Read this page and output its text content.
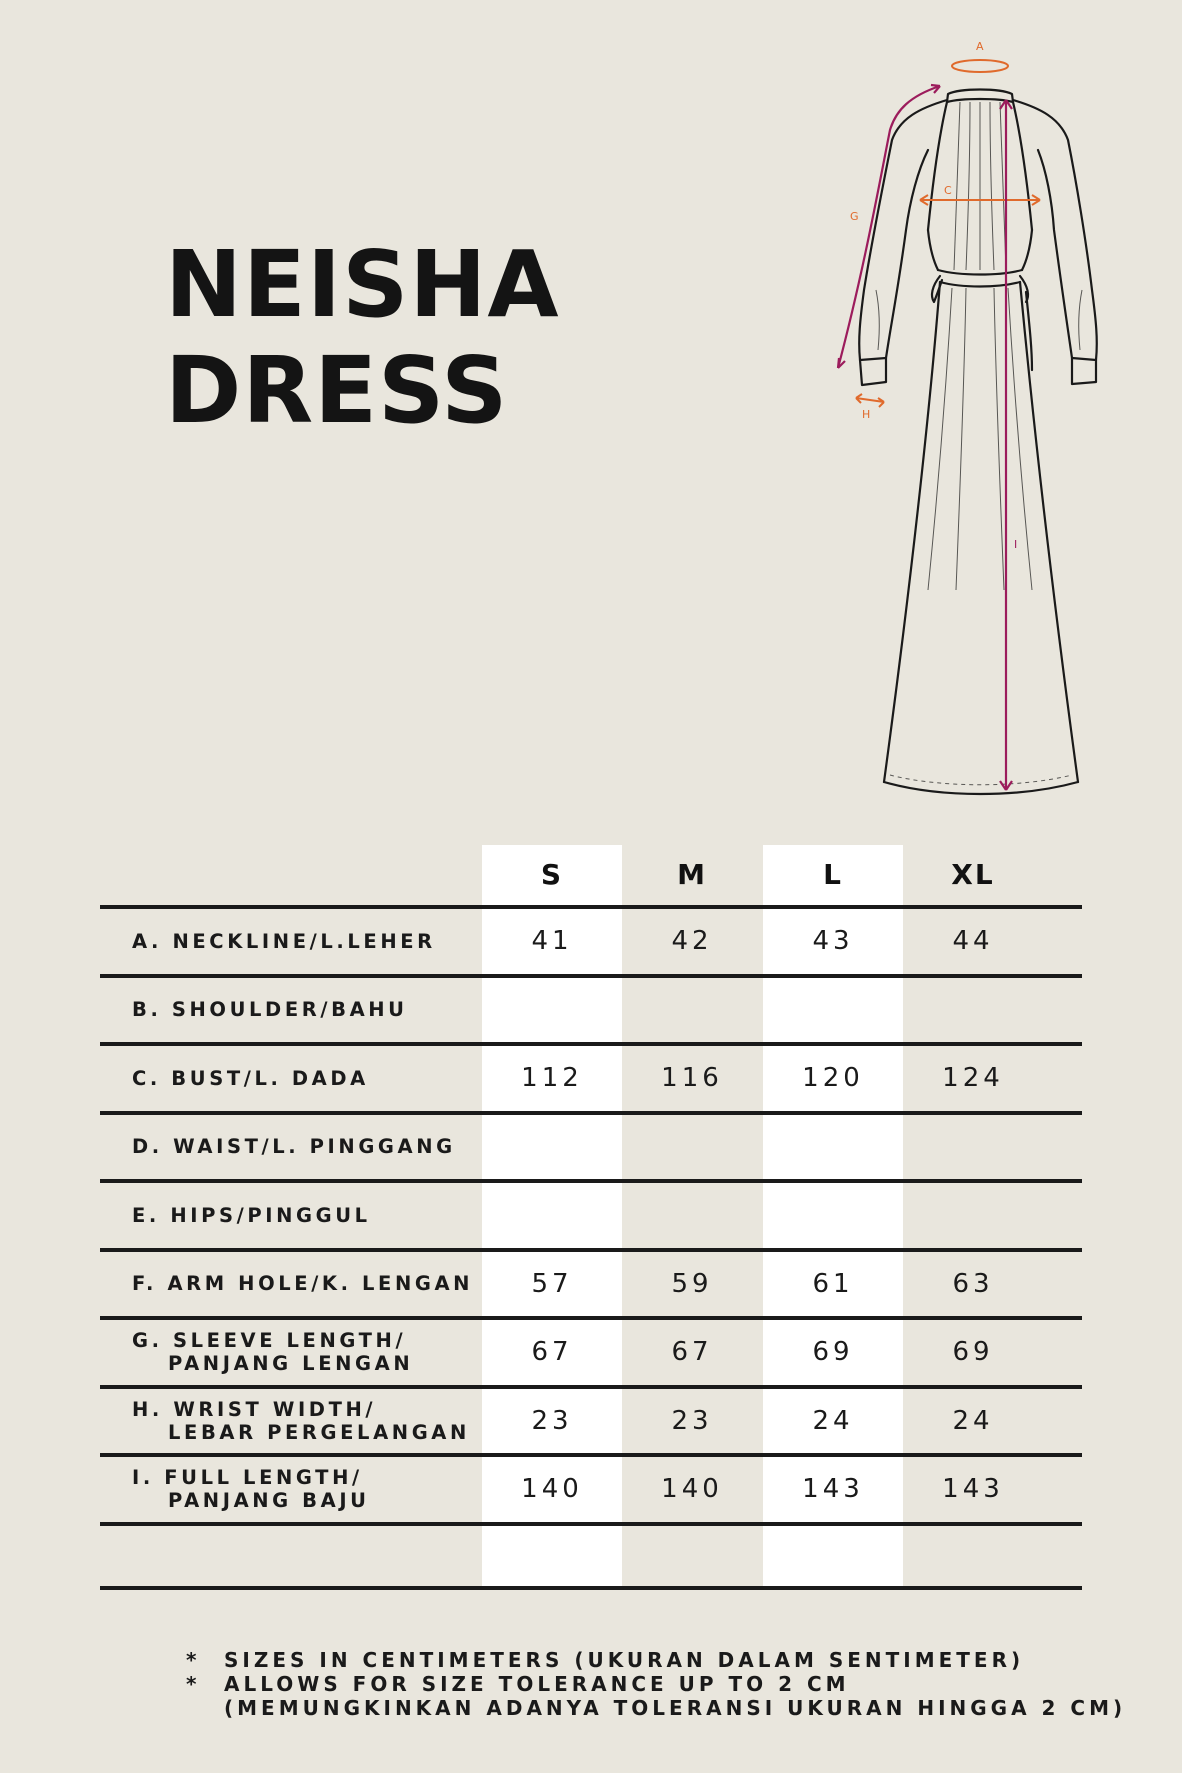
NEISHA
DRESS
A
C
G
H
I
S	M	L	XL
A. NECKLINE/L.LEHER	41	42	43	44
B. SHOULDER/BAHU
C. BUST/L. DADA	112	116	120	124
D. WAIST/L. PINGGANG
E. HIPS/PINGGUL
F. ARM HOLE/K. LENGAN	57	59	61	63
G. SLEEVE LENGTH/
PANJANG LENGAN	67	67	69	69
H. WRIST WIDTH/
LEBAR PERGELANGAN	23	23	24	24
I. FULL LENGTH/
PANJANG BAJU	140	140	143	143
*	SIZES IN CENTIMETERS (UKURAN DALAM SENTIMETER)
*	ALLOWS FOR SIZE TOLERANCE UP TO 2 CM
(MEMUNGKINKAN ADANYA TOLERANSI UKURAN HINGGA 2 CM)
